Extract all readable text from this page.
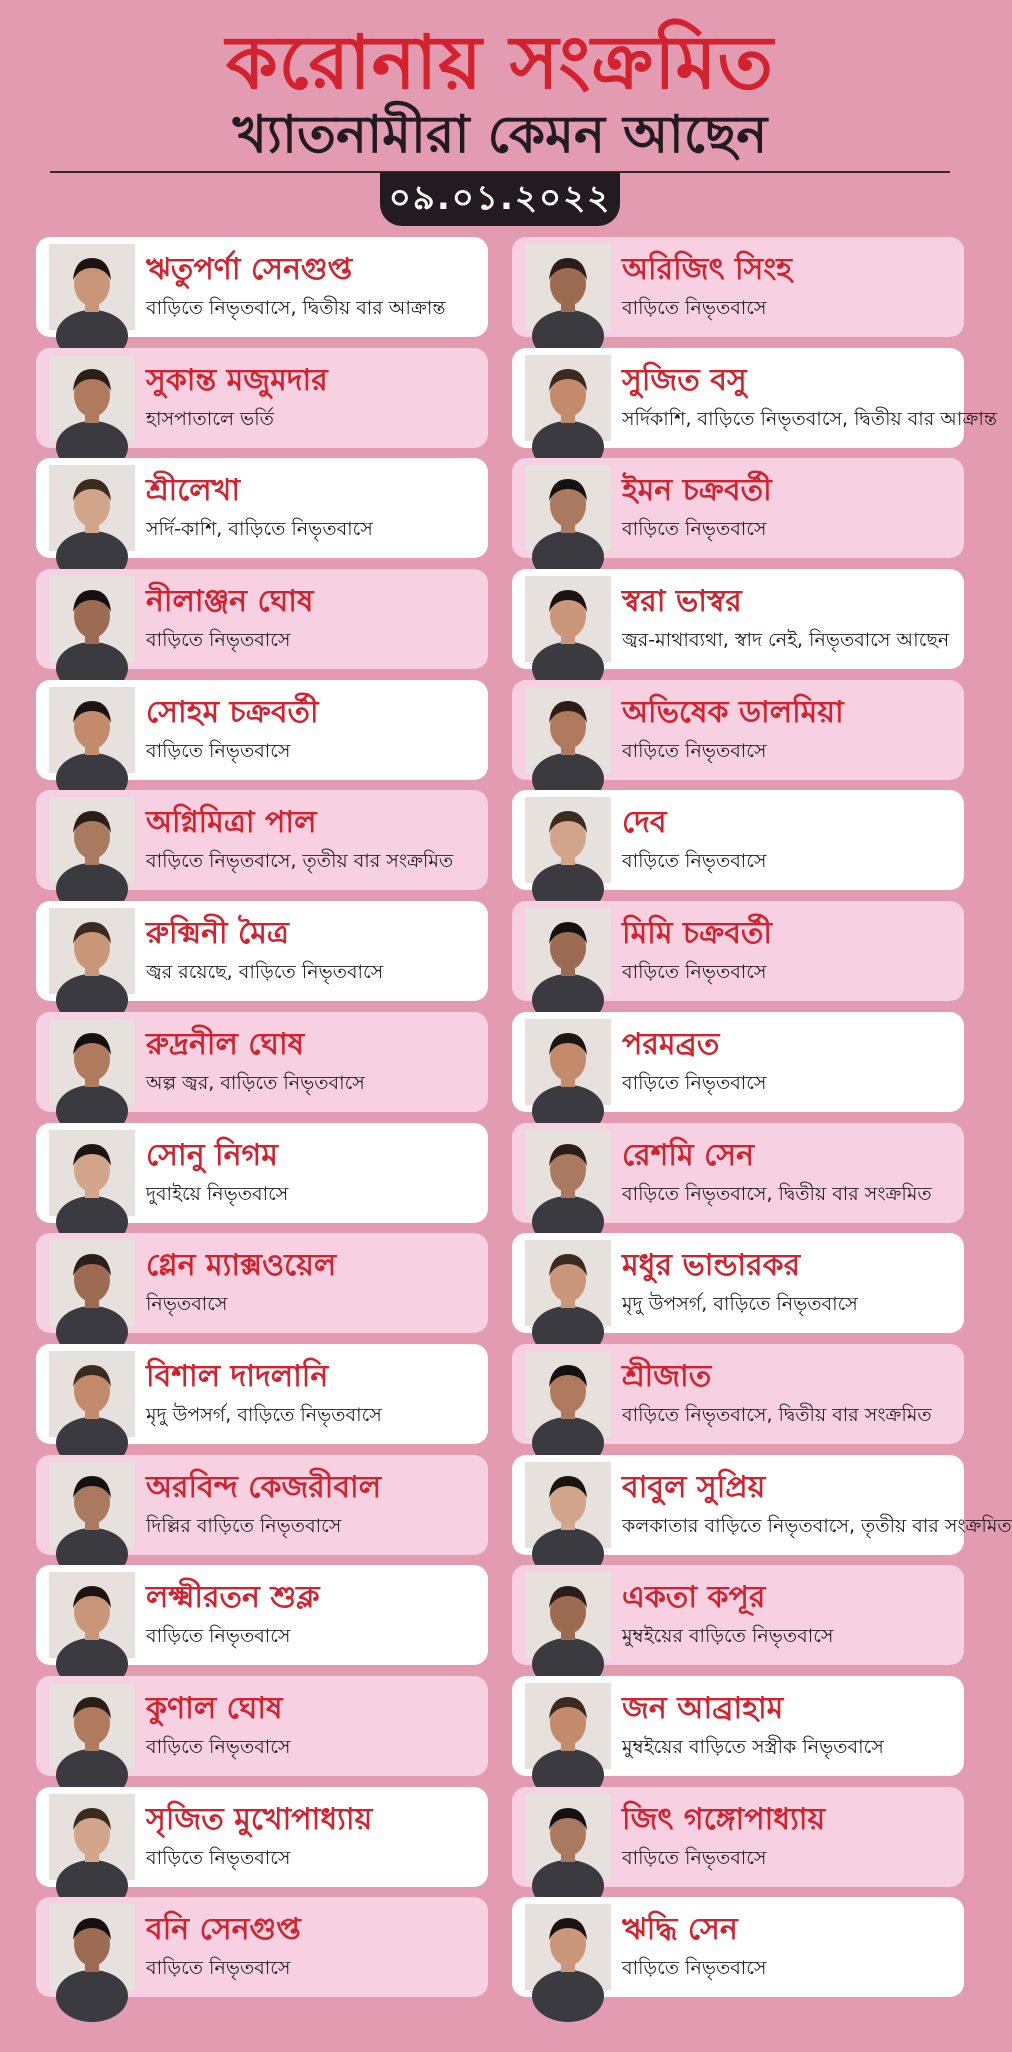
করোনায় সংক্রমিত
খ্যাতনামীরা কেমন আছেন
০৯.০১.২০২২
ঋতুপর্ণা সেনগুপ্ত
বাড়িতে নিভৃতবাসে, দ্বিতীয় বার আক্রান্ত
অরিজিৎ সিংহ
বাড়িতে নিভৃতবাসে
সুকান্ত মজুমদার
হাসপাতালে ভর্তি
সুজিত বসু
সর্দিকাশি, বাড়িতে নিভৃতবাসে, দ্বিতীয় বার আক্রান্ত
শ্রীলেখা
সর্দি-কাশি, বাড়িতে নিভৃতবাসে
ইমন চক্রবর্তী
বাড়িতে নিভৃতবাসে
নীলাঞ্জন ঘোষ
বাড়িতে নিভৃতবাসে
স্বরা ভাস্বর
জ্বর-মাথাব্যথা, স্বাদ নেই, নিভৃতবাসে আছেন
সোহম চক্রবর্তী
বাড়িতে নিভৃতবাসে
অভিষেক ডালমিয়া
বাড়িতে নিভৃতবাসে
অগ্নিমিত্রা পাল
বাড়িতে নিভৃতবাসে, তৃতীয় বার সংক্রমিত
দেব
বাড়িতে নিভৃতবাসে
রুক্মিনী মৈত্র
জ্বর রয়েছে, বাড়িতে নিভৃতবাসে
মিমি চক্রবর্তী
বাড়িতে নিভৃতবাসে
রুদ্রনীল ঘোষ
অল্প জ্বর, বাড়িতে নিভৃতবাসে
পরমব্রত
বাড়িতে নিভৃতবাসে
সোনু নিগম
দুবাইয়ে নিভৃতবাসে
রেশমি সেন
বাড়িতে নিভৃতবাসে, দ্বিতীয় বার সংক্রমিত
গ্লেন ম্যাক্সওয়েল
নিভৃতবাসে
মধুর ভান্ডারকর
মৃদু উপসর্গ, বাড়িতে নিভৃতবাসে
বিশাল দাদলানি
মৃদু উপসর্গ, বাড়িতে নিভৃতবাসে
শ্রীজাত
বাড়িতে নিভৃতবাসে, দ্বিতীয় বার সংক্রমিত
অরবিন্দ কেজরীবাল
দিল্লির বাড়িতে নিভৃতবাসে
বাবুল সুপ্রিয়
কলকাতার বাড়িতে নিভৃতবাসে, তৃতীয় বার সংক্রমিত
লক্ষ্মীরতন শুক্ল
বাড়িতে নিভৃতবাসে
একতা কপূর
মুম্বইয়ের বাড়িতে নিভৃতবাসে
কুণাল ঘোষ
বাড়িতে নিভৃতবাসে
জন আব্রাহাম
মুম্বইয়ের বাড়িতে সস্ত্রীক নিভৃতবাসে
সৃজিত মুখোপাধ্যায়
বাড়িতে নিভৃতবাসে
জিৎ গঙ্গোপাধ্যায়
বাড়িতে নিভৃতবাসে
বনি সেনগুপ্ত
বাড়িতে নিভৃতবাসে
ঋদ্ধি সেন
বাড়িতে নিভৃতবাসে
